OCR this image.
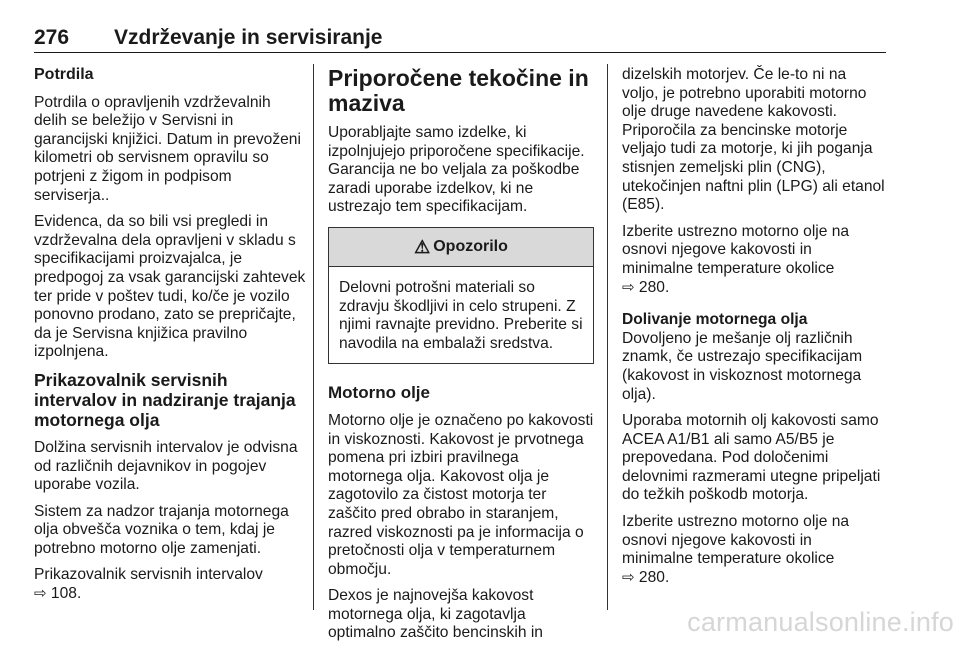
276 Vzdrževanje in servisiranje
Potrdila

Potrdila o opravljenih vzdrževalnih delih se beležijo v Servisni in garancijski knjižici. Datum in prevoženi kilometri ob servisnem opravilu so potrjeni z žigom in podpisom serviserja..

Evidenca, da so bili vsi pregledi in vzdrževalna dela opravljeni v skladu s specifikacijami proizvajalca, je predpogoj za vsak garancijski zahtevek ter pride v poštev tudi, ko/če je vozilo ponovno prodano, zato se prepričajte, da je Servisna knjižica pravilno izpolnjena.

Prikazovalnik servisnih intervalov in nadziranje trajanja motornega olja

Dolžina servisnih intervalov je odvisna od različnih dejavnikov in pogojev uporabe vozila.

Sistem za nadzor trajanja motornega olja obvešča voznika o tem, kdaj je potrebno motorno olje zamenjati.

Prikazovalnik servisnih intervalov
⇨ 108.

Priporočene tekočine in maziva

Uporabljajte samo izdelke, ki izpolnjujejo priporočene specifikacije. Garancija ne bo veljala za poškodbe zaradi uporabe izdelkov, ki ne ustrezajo tem specifikacijam.

⚠ Opozorilo
Delovni potrošni materiali so zdravju škodljivi in celo strupeni. Z njimi ravnajte previdno. Preberite si navodila na embalaži sredstva.
Motorno olje

Motorno olje je označeno po kakovosti in viskoznosti. Kakovost je prvotnega pomena pri izbiri pravilnega motornega olja. Kakovost olja je zagotovilo za čistost motorja ter zaščito pred obrabo in staranjem, razred viskoznosti pa je informacija o pretočnosti olja v temperaturnem območju.

Dexos je najnovejša kakovost motornega olja, ki zagotavlja optimalno zaščito bencinskih in

dizelskih motorjev. Če le-to ni na voljo, je potrebno uporabiti motorno olje druge navedene kakovosti. Priporočila za bencinske motorje veljajo tudi za motorje, ki jih poganja stisnjen zemeljski plin (CNG), utekočinjen naftni plin (LPG) ali etanol (E85).

Izberite ustrezno motorno olje na osnovi njegove kakovosti in minimalne temperature okolice
⇨ 280.

Dolivanje motornega olja

Dovoljeno je mešanje olj različnih znamk, če ustrezajo specifikacijam (kakovost in viskoznost motornega olja).

Uporaba motornih olj kakovosti samo ACEA A1/B1 ali samo A5/B5 je prepovedana. Pod določenimi delovnimi razmerami utegne pripeljati do težkih poškodb motorja.

Izberite ustrezno motorno olje na osnovi njegove kakovosti in minimalne temperature okolice
⇨ 280.

carmanualsonline.info
